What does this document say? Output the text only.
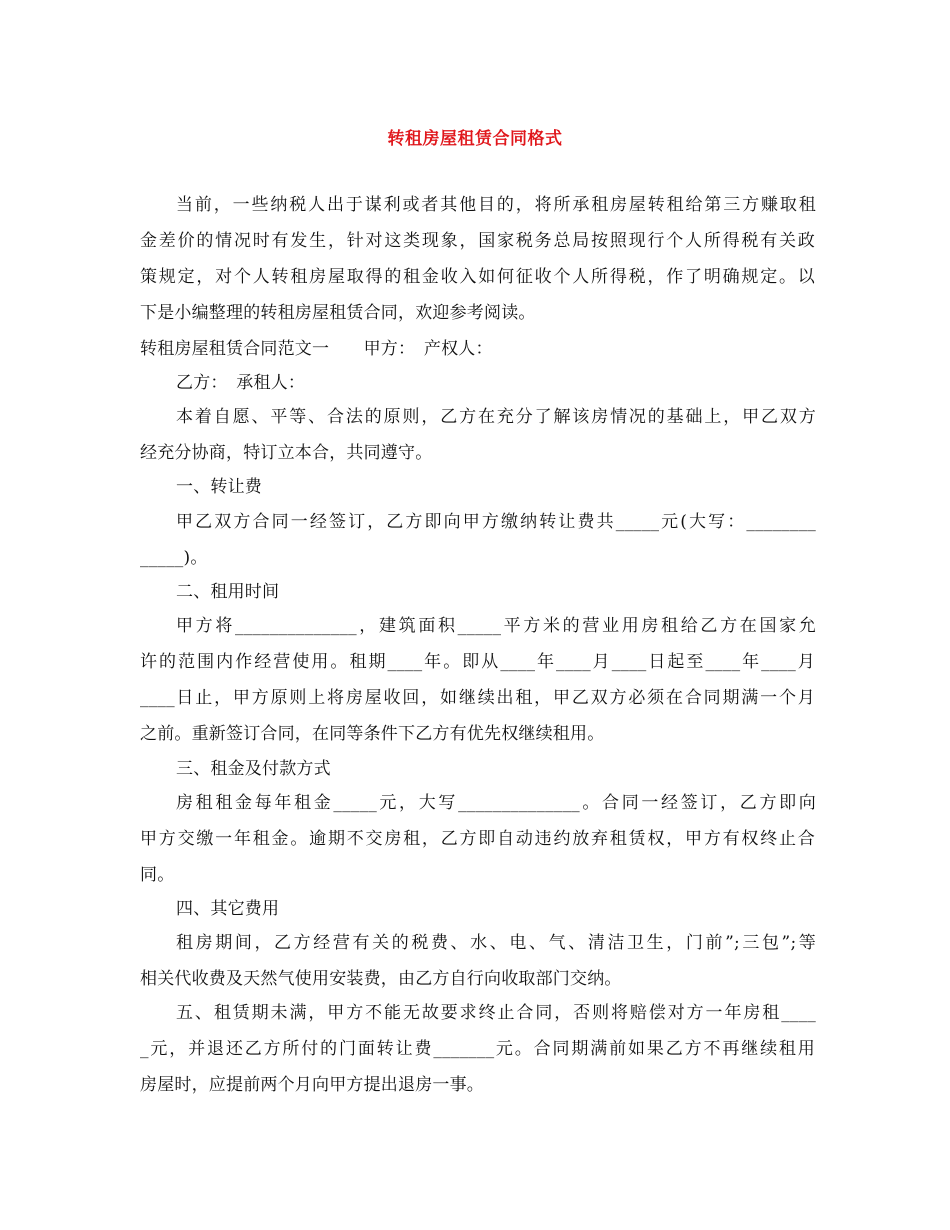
转租房屋租赁合同格式
当前，一些纳税人出于谋利或者其他目的，将所承租房屋转租给第三方赚取租
金差价的情况时有发生，针对这类现象，国家税务总局按照现行个人所得税有关政
策规定，对个人转租房屋取得的租金收入如何征收个人所得税，作了明确规定。以
下是小编整理的转租房屋租赁合同，欢迎参考阅读。
转租房屋租赁合同范文一　　甲方：　产权人：
乙方：　承租人：
本着自愿、平等、合法的原则，乙方在充分了解该房情况的基础上，甲乙双方
经充分协商，特订立本合，共同遵守。
一、转让费
甲乙双方合同一经签订，乙方即向甲方缴纳转让费共_____元(大写：________
_____)。
二、租用时间
甲方将______________，建筑面积_____平方米的营业用房租给乙方在国家允
许的范围内作经营使用。租期____年。即从____年____月____日起至____年____月
____日止，甲方原则上将房屋收回，如继续出租，甲乙双方必须在合同期满一个月
之前。重新签订合同，在同等条件下乙方有优先权继续租用。
三、租金及付款方式
房租租金每年租金_____元，大写______________。合同一经签订，乙方即向
甲方交缴一年租金。逾期不交房租，乙方即自动违约放弃租赁权，甲方有权终止合
同。
四、其它费用
租房期间，乙方经营有关的税费、水、电、气、清洁卫生，门前”;三包”;等
相关代收费及天然气使用安装费，由乙方自行向收取部门交纳。
五、租赁期未满，甲方不能无故要求终止合同，否则将赔偿对方一年房租____
_元，并退还乙方所付的门面转让费_______元。合同期满前如果乙方不再继续租用
房屋时，应提前两个月向甲方提出退房一事。
